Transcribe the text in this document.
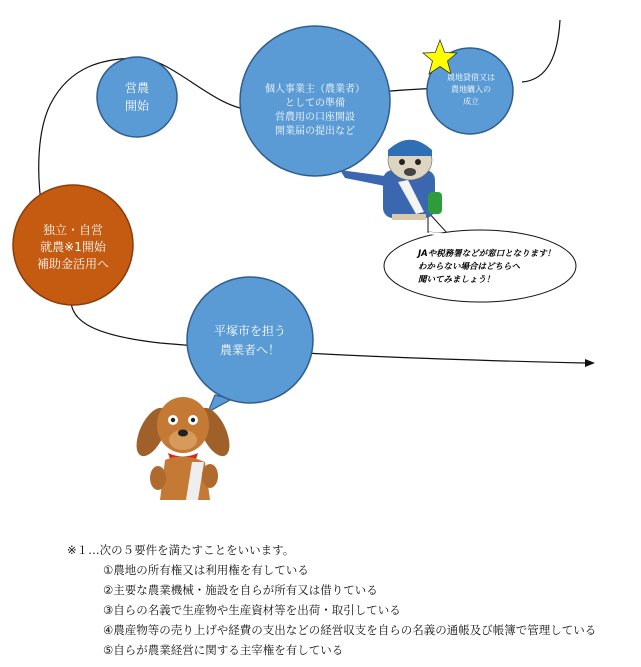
営農
開始
個人事業主（農業者）
としての準備
営農用の口座開設
開業届の提出など
農地貸借又は
農地購入の
成立
独立・自営
就農※1開始
補助金活用へ
平塚市を担う
農業者へ！
JAや税務署などが窓口となります！
わからない場合はどちらへ
聞いてみましょう！
※１…次の５要件を満たすことをいいます。
①農地の所有権又は利用権を有している
②主要な農業機械・施設を自らが所有又は借りている
③自らの名義で生産物や生産資材等を出荷・取引している
④農産物等の売り上げや経費の支出などの経営収支を自らの名義の通帳及び帳簿で管理している
⑤自らが農業経営に関する主宰権を有している
